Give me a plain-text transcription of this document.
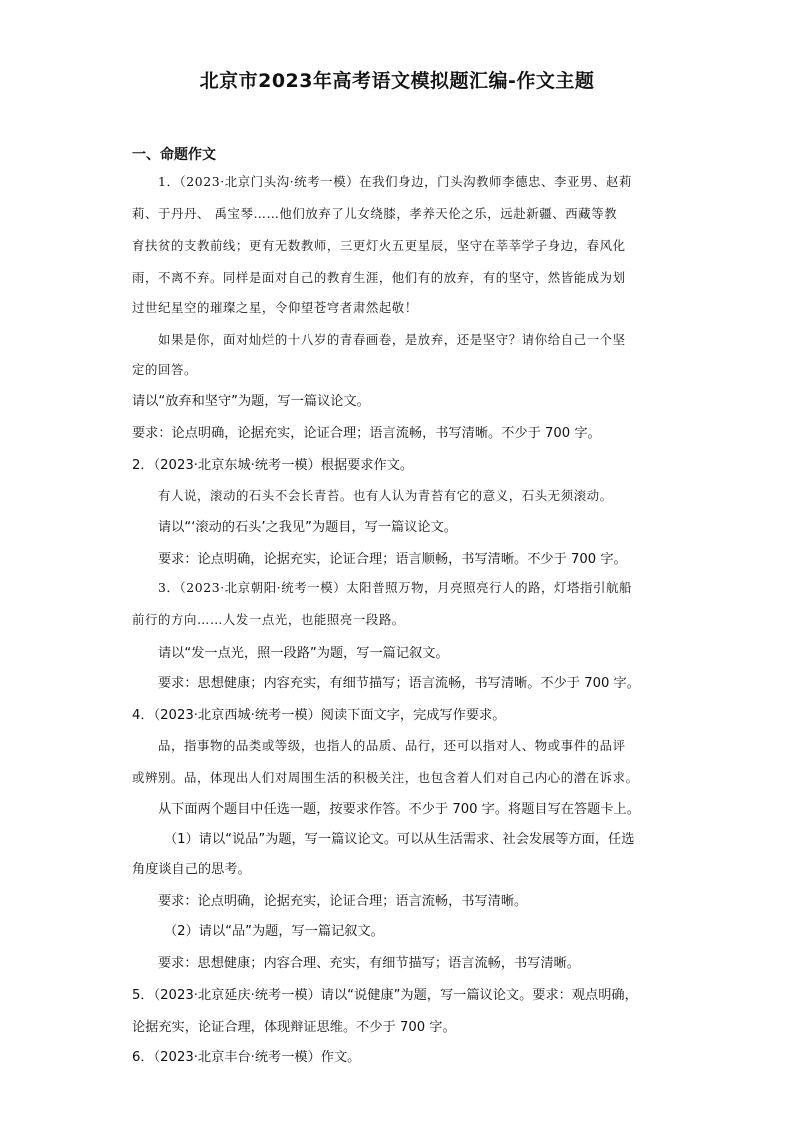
北京市2023年高考语文模拟题汇编-作文主题
一、命题作文
1．（2023·北京门头沟·统考一模）在我们身边，门头沟教师李德忠、李亚男、赵莉
莉、于丹丹、 禹宝琴……他们放弃了儿女绕膝，孝养天伦之乐，远赴新疆、西藏等教
育扶贫的支教前线；更有无数教师，三更灯火五更星辰，坚守在莘莘学子身边，春风化
雨，不离不弃。同样是面对自己的教育生涯，他们有的放弃，有的坚守，然皆能成为划
过世纪星空的璀璨之星，令仰望苍穹者肃然起敬！
如果是你，面对灿烂的十八岁的青春画卷，是放弃，还是坚守？请你给自己一个坚
定的回答。
请以“放弃和坚守”为题，写一篇议论文。
要求：论点明确，论据充实，论证合理；语言流畅，书写清晰。不少于 700 字。
2．（2023·北京东城·统考一模）根据要求作文。
有人说，滚动的石头不会长青苔。也有人认为青苔有它的意义，石头无须滚动。
请以“‘滚动的石头’之我见”为题目，写一篇议论文。
要求：论点明确，论据充实，论证合理；语言顺畅，书写清晰。不少于 700 字。
3．（2023·北京朝阳·统考一模）太阳普照万物，月亮照亮行人的路，灯塔指引航船
前行的方向……人发一点光，也能照亮一段路。
请以“发一点光，照一段路”为题，写一篇记叙文。
要求：思想健康；内容充实，有细节描写；语言流畅，书写清晰。不少于 700 字。
4．（2023·北京西城·统考一模）阅读下面文字，完成写作要求。
品，指事物的品类或等级，也指人的品质、品行，还可以指对人、物或事件的品评
或辨别。品，体现出人们对周围生活的积极关注，也包含着人们对自己内心的潜在诉求。
从下面两个题目中任选一题，按要求作答。不少于 700 字。将题目写在答题卡上。
（1）请以“说品”为题，写一篇议论文。可以从生活需求、社会发展等方面，任选
角度谈自己的思考。
要求：论点明确，论据充实，论证合理；语言流畅，书写清晰。
（2）请以“品”为题，写一篇记叙文。
要求：思想健康；内容合理、充实，有细节描写；语言流畅，书写清晰。
5．（2023·北京延庆·统考一模）请以“说健康”为题，写一篇议论文。要求：观点明确，
论据充实，论证合理，体现辩证思维。不少于 700 字。
6．（2023·北京丰台·统考一模）作文。
